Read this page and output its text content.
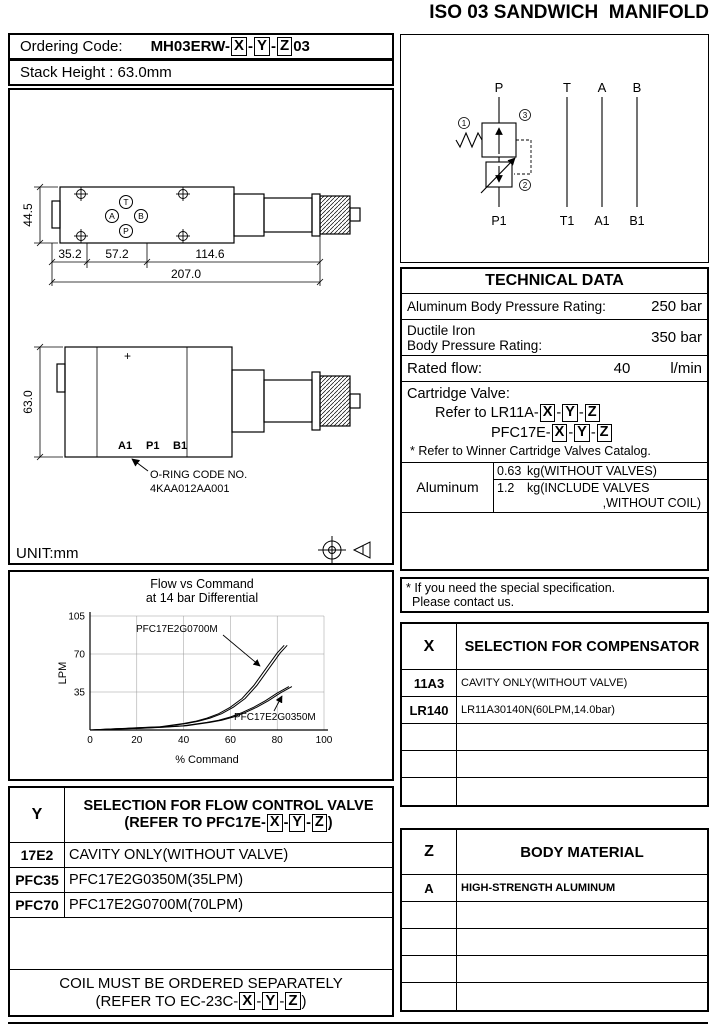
ISO 03 SANDWICH  MANIFOLD
Ordering Code: MH03ERW- X - Y - Z 03
Stack Height : 63.0mm
T
A	B
P
44.5
35.2 57.2	114.6
207.0
+
A1 P1 B1
63.0
O-RING CODE NO.
4KAA012AA001
UNIT:mm
Flow vs Command
at 14 bar Differential
LPM
0	20	40	60	80	100
35
70
105
PFC17E2G0700M
PFC17E2G0350M
% Command
Y	SELECTION FOR FLOW CONTROL VALVE
(REFER TO PFC17E- X - Y - Z )
17E2	CAVITY ONLY(WITHOUT VALVE)
PFC35 PFC17E2G0350M(35LPM)
PFC70 PFC17E2G0700M(70LPM)
COIL MUST BE ORDERED SEPARATELY
(REFER TO EC-23C- X - Y - Z )
P	T A B
1
3
2
P1	T1 A1 B1
TECHNICAL DATA
Aluminum Body Pressure Rating:	250 bar
Ductile Iron
Body Pressure Rating:	350 bar
Rated flow:	40	l/min
Cartridge Valve:
Refer to LR11A- X - Y - Z
PFC17E- X - Y - Z
* Refer to Winner Cartridge Valves Catalog.
Aluminum
0.63 kg(WITHOUT VALVES)
1.2	kg(INCLUDE VALVES
,WITHOUT COIL)
* If you need the special specification.
Please contact us.
X	SELECTION FOR COMPENSATOR
11A3	CAVITY ONLY(WITHOUT VALVE)
LR140	LR11A30140N(60LPM,14.0bar)
Z	BODY MATERIAL
A	HIGH-STRENGTH ALUMINUM
